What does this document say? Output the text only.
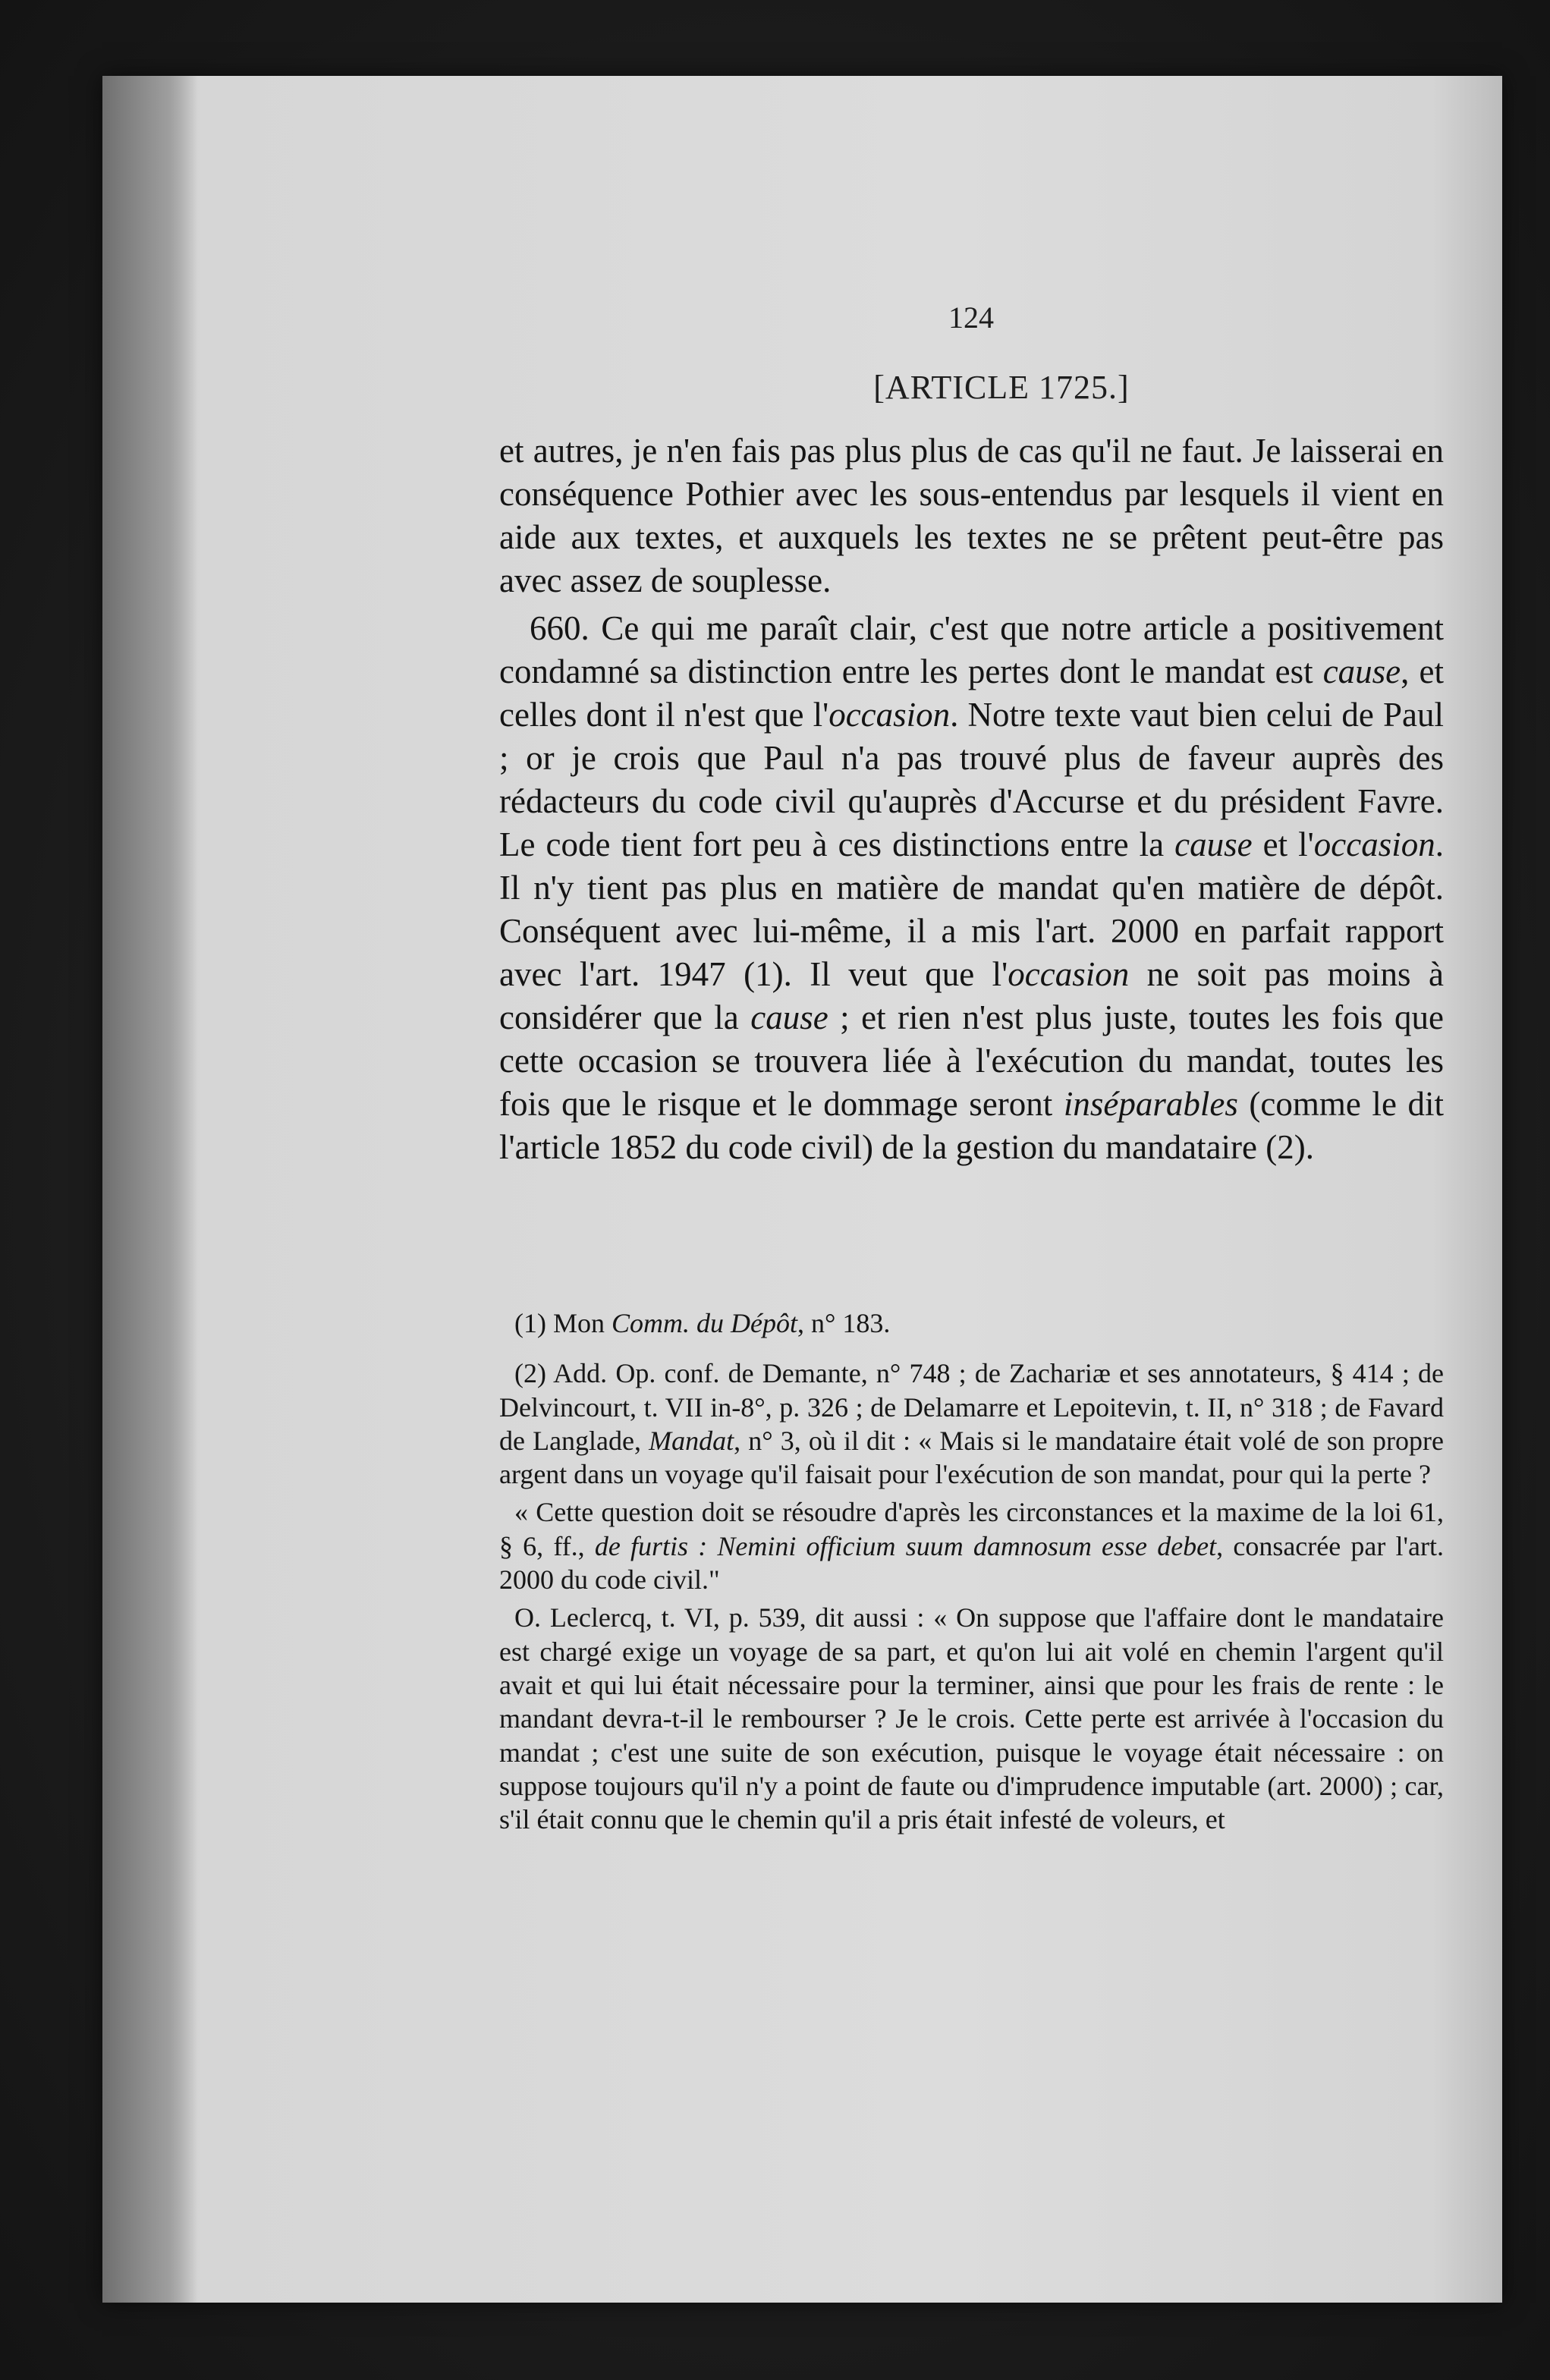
124
[ARTICLE 1725.]

et autres, je n'en fais pas plus plus de cas qu'il ne faut. Je laisserai en conséquence Pothier avec les sous-entendus par lesquels il vient en aide aux textes, et auxquels les textes ne se prêtent peut-être pas avec assez de souplesse.

660. Ce qui me paraît clair, c'est que notre article a positivement condamné sa distinction entre les pertes dont le mandat est cause, et celles dont il n'est que l'occasion. Notre texte vaut bien celui de Paul ; or je crois que Paul n'a pas trouvé plus de faveur auprès des rédacteurs du code civil qu'auprès d'Accurse et du président Favre. Le code tient fort peu à ces distinctions entre la cause et l'occasion. Il n'y tient pas plus en matière de mandat qu'en matière de dépôt. Conséquent avec lui-même, il a mis l'art. 2000 en parfait rapport avec l'art. 1947 (1). Il veut que l'occasion ne soit pas moins à considérer que la cause ; et rien n'est plus juste, toutes les fois que cette occasion se trouvera liée à l'exécution du mandat, toutes les fois que le risque et le dommage seront inséparables (comme le dit l'article 1852 du code civil) de la gestion du mandataire (2).

(1) Mon Comm. du Dépôt, n° 183.

(2) Add. Op. conf. de Demante, n° 748 ; de Zachariæ et ses annotateurs, § 414 ; de Delvincourt, t. VII in-8°, p. 326 ; de Delamarre et Lepoitevin, t. II, n° 318 ; de Favard de Langlade, Mandat, n° 3, où il dit : « Mais si le mandataire était volé de son propre argent dans un voyage qu'il faisait pour l'exécution de son mandat, pour qui la perte ?

« Cette question doit se résoudre d'après les circonstances et la maxime de la loi 61, § 6, ff., de furtis : Nemini officium suum damnosum esse debet, consacrée par l'art. 2000 du code civil."

O. Leclercq, t. VI, p. 539, dit aussi : « On suppose que l'affaire dont le mandataire est chargé exige un voyage de sa part, et qu'on lui ait volé en chemin l'argent qu'il avait et qui lui était nécessaire pour la terminer, ainsi que pour les frais de rente : le mandant devra-t-il le rembourser ? Je le crois. Cette perte est arrivée à l'occasion du mandat ; c'est une suite de son exécution, puisque le voyage était nécessaire : on suppose toujours qu'il n'y a point de faute ou d'imprudence imputable (art. 2000) ; car, s'il était connu que le chemin qu'il a pris était infesté de voleurs, et
